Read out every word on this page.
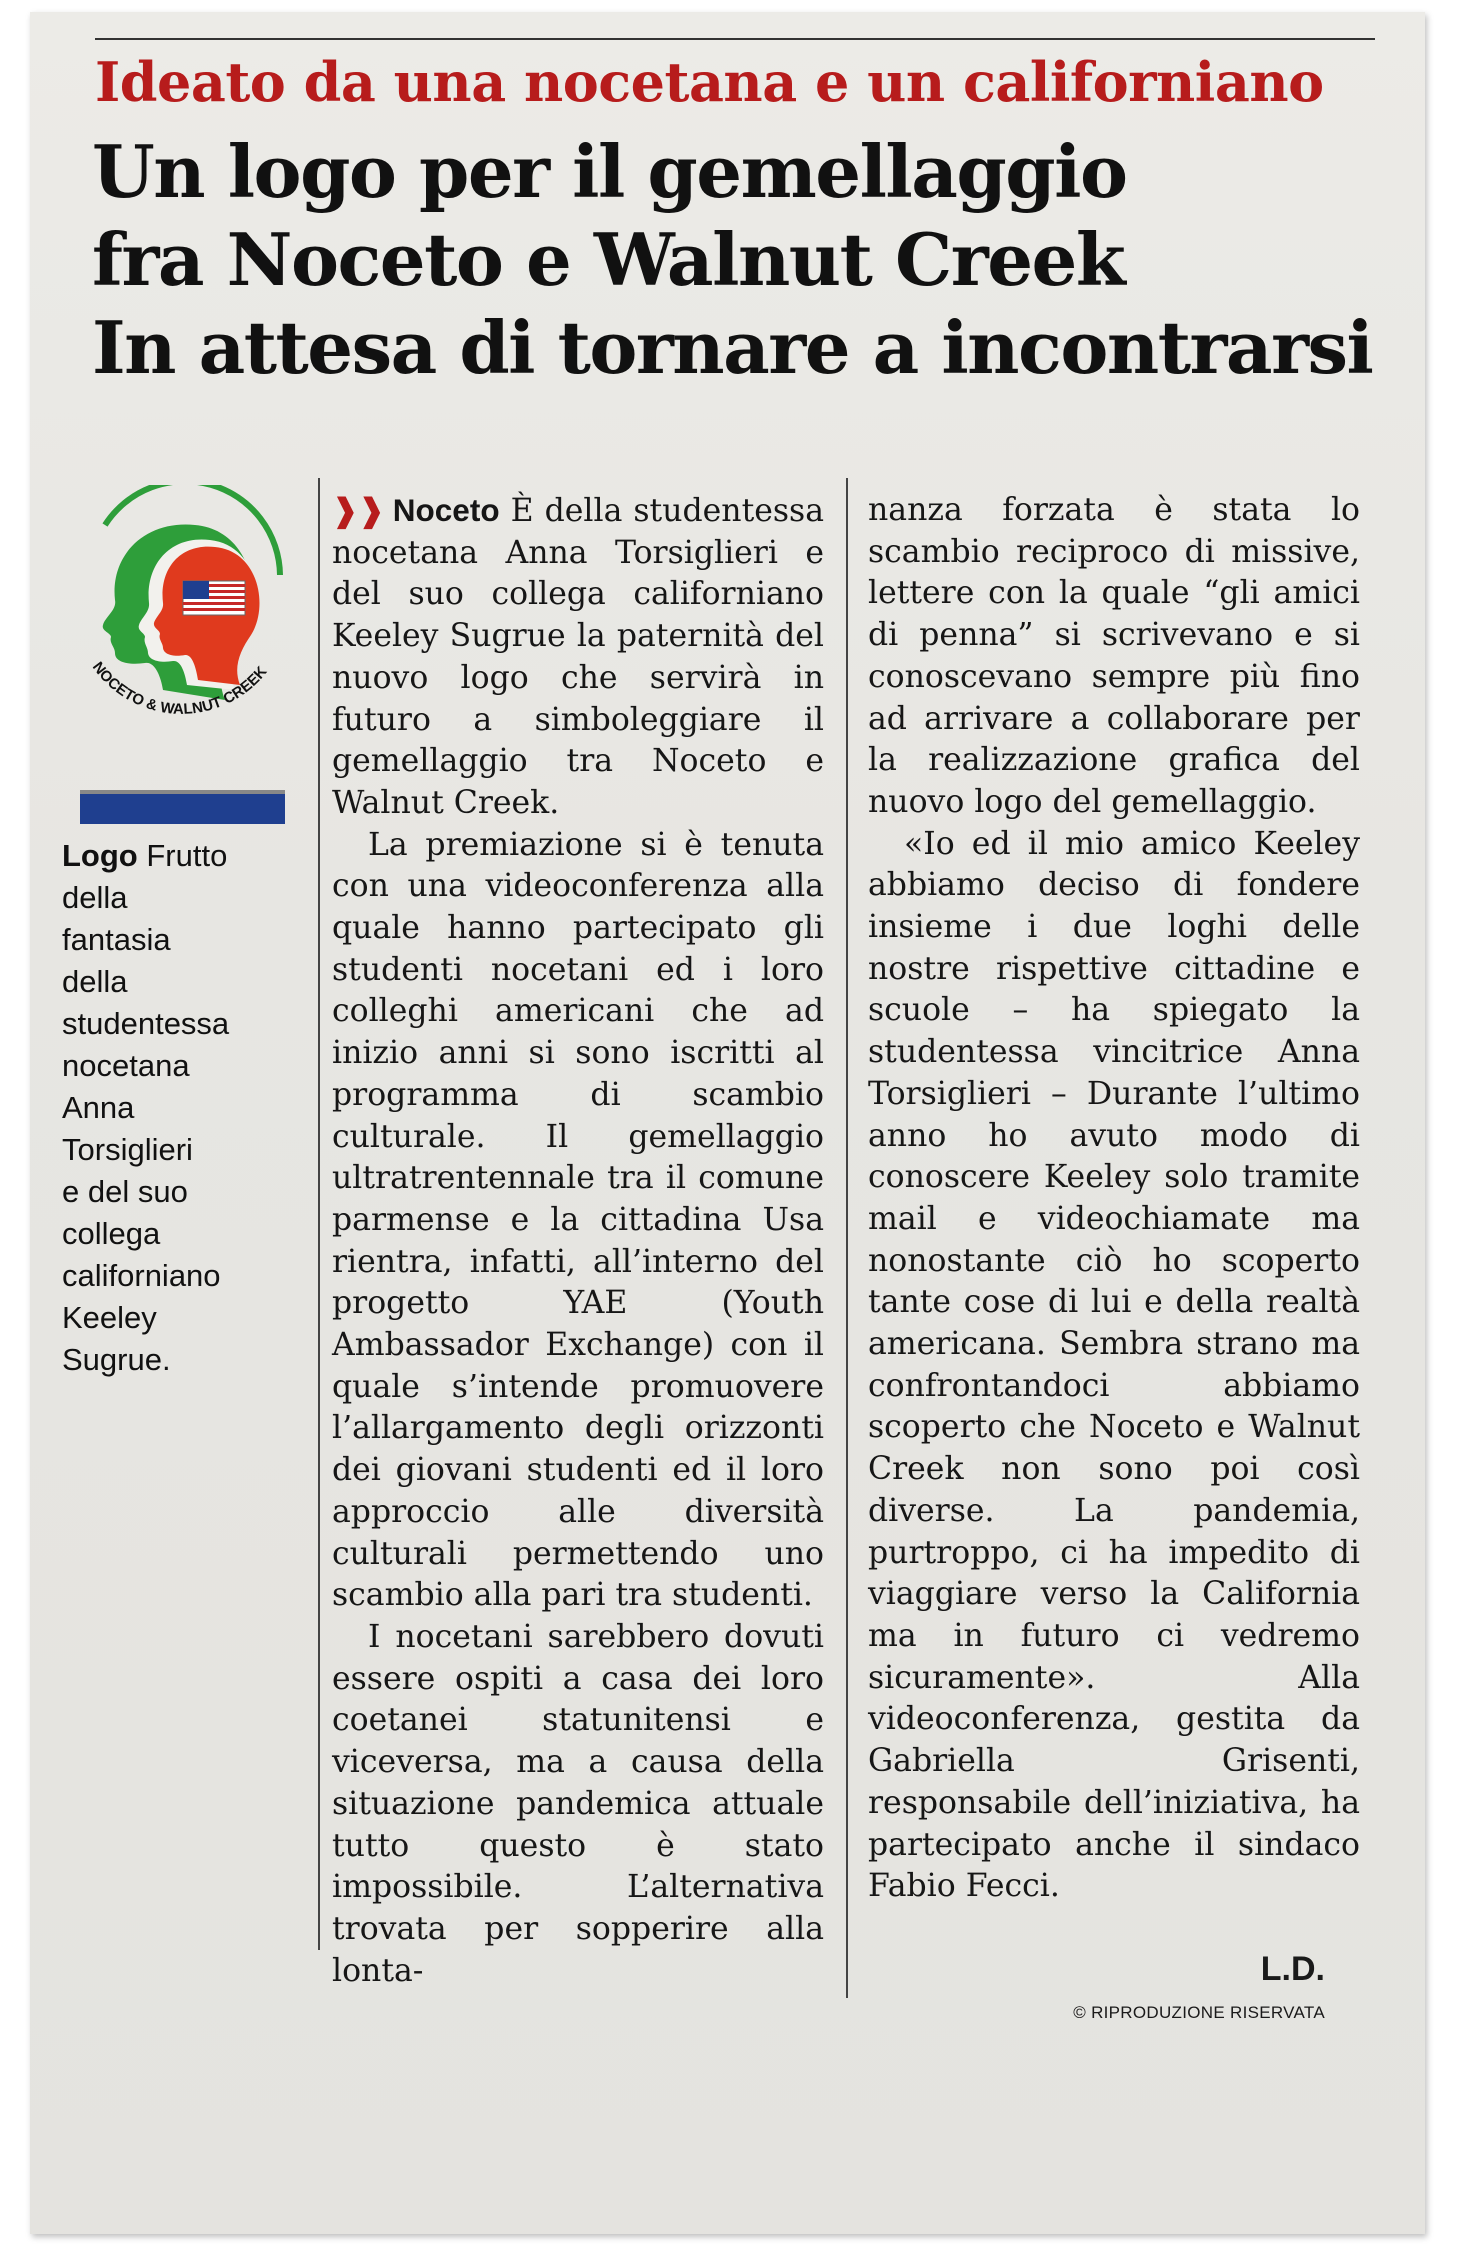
Ideato da una nocetana e un californiano
Un logo per il gemellaggio
fra Noceto e Walnut Creek
In attesa di tornare a incontrarsi
NOCETO & WALNUT CREEK
Logo Frutto
della
fantasia
della
studentessa
nocetana
Anna
Torsiglieri
e del suo
collega
californiano
Keeley
Sugrue.

❱❱ Noceto È della studentessa nocetana Anna Torsiglieri e del suo collega californiano Keeley Sugrue la paternità del nuovo logo che servirà in futuro a simboleggiare il gemellaggio tra Noceto e Walnut Creek.

La premiazione si è tenuta con una videoconferenza alla quale hanno partecipato gli studenti nocetani ed i loro colleghi americani che ad inizio anni si sono iscritti al programma di scambio culturale. Il gemellaggio ultratrentennale tra il comune parmense e la cittadina Usa rientra, infatti, all’interno del progetto YAE (Youth Ambassador Exchange) con il quale s’intende promuovere l’allargamento degli orizzonti dei giovani studenti ed il loro approccio alle diversità culturali permettendo uno scambio alla pari tra studenti.

I nocetani sarebbero dovuti essere ospiti a casa dei loro coetanei statunitensi e viceversa, ma a causa della situazione pandemica attuale tutto questo è stato impossibile. L’alternativa trovata per sopperire alla lonta-

nanza forzata è stata lo scambio reciproco di missive, lettere con la quale “gli amici di penna” si scrivevano e si conoscevano sempre più fino ad arrivare a collaborare per la realizzazione grafica del nuovo logo del gemellaggio.

«Io ed il mio amico Keeley abbiamo deciso di fondere insieme i due loghi delle nostre rispettive cittadine e scuole – ha spiegato la studentessa vincitrice Anna Torsiglieri – Durante l’ultimo anno ho avuto modo di conoscere Keeley solo tramite mail e videochiamate ma nonostante ciò ho scoperto tante cose di lui e della realtà americana. Sembra strano ma confrontandoci abbiamo scoperto che Noceto e Walnut Creek non sono poi così diverse. La pandemia, purtroppo, ci ha impedito di viaggiare verso la California ma in futuro ci vedremo sicuramente». Alla videoconferenza, gestita da Gabriella Grisenti, responsabile dell’iniziativa, ha partecipato anche il sindaco Fabio Fecci.

L.D.
© RIPRODUZIONE RISERVATA
